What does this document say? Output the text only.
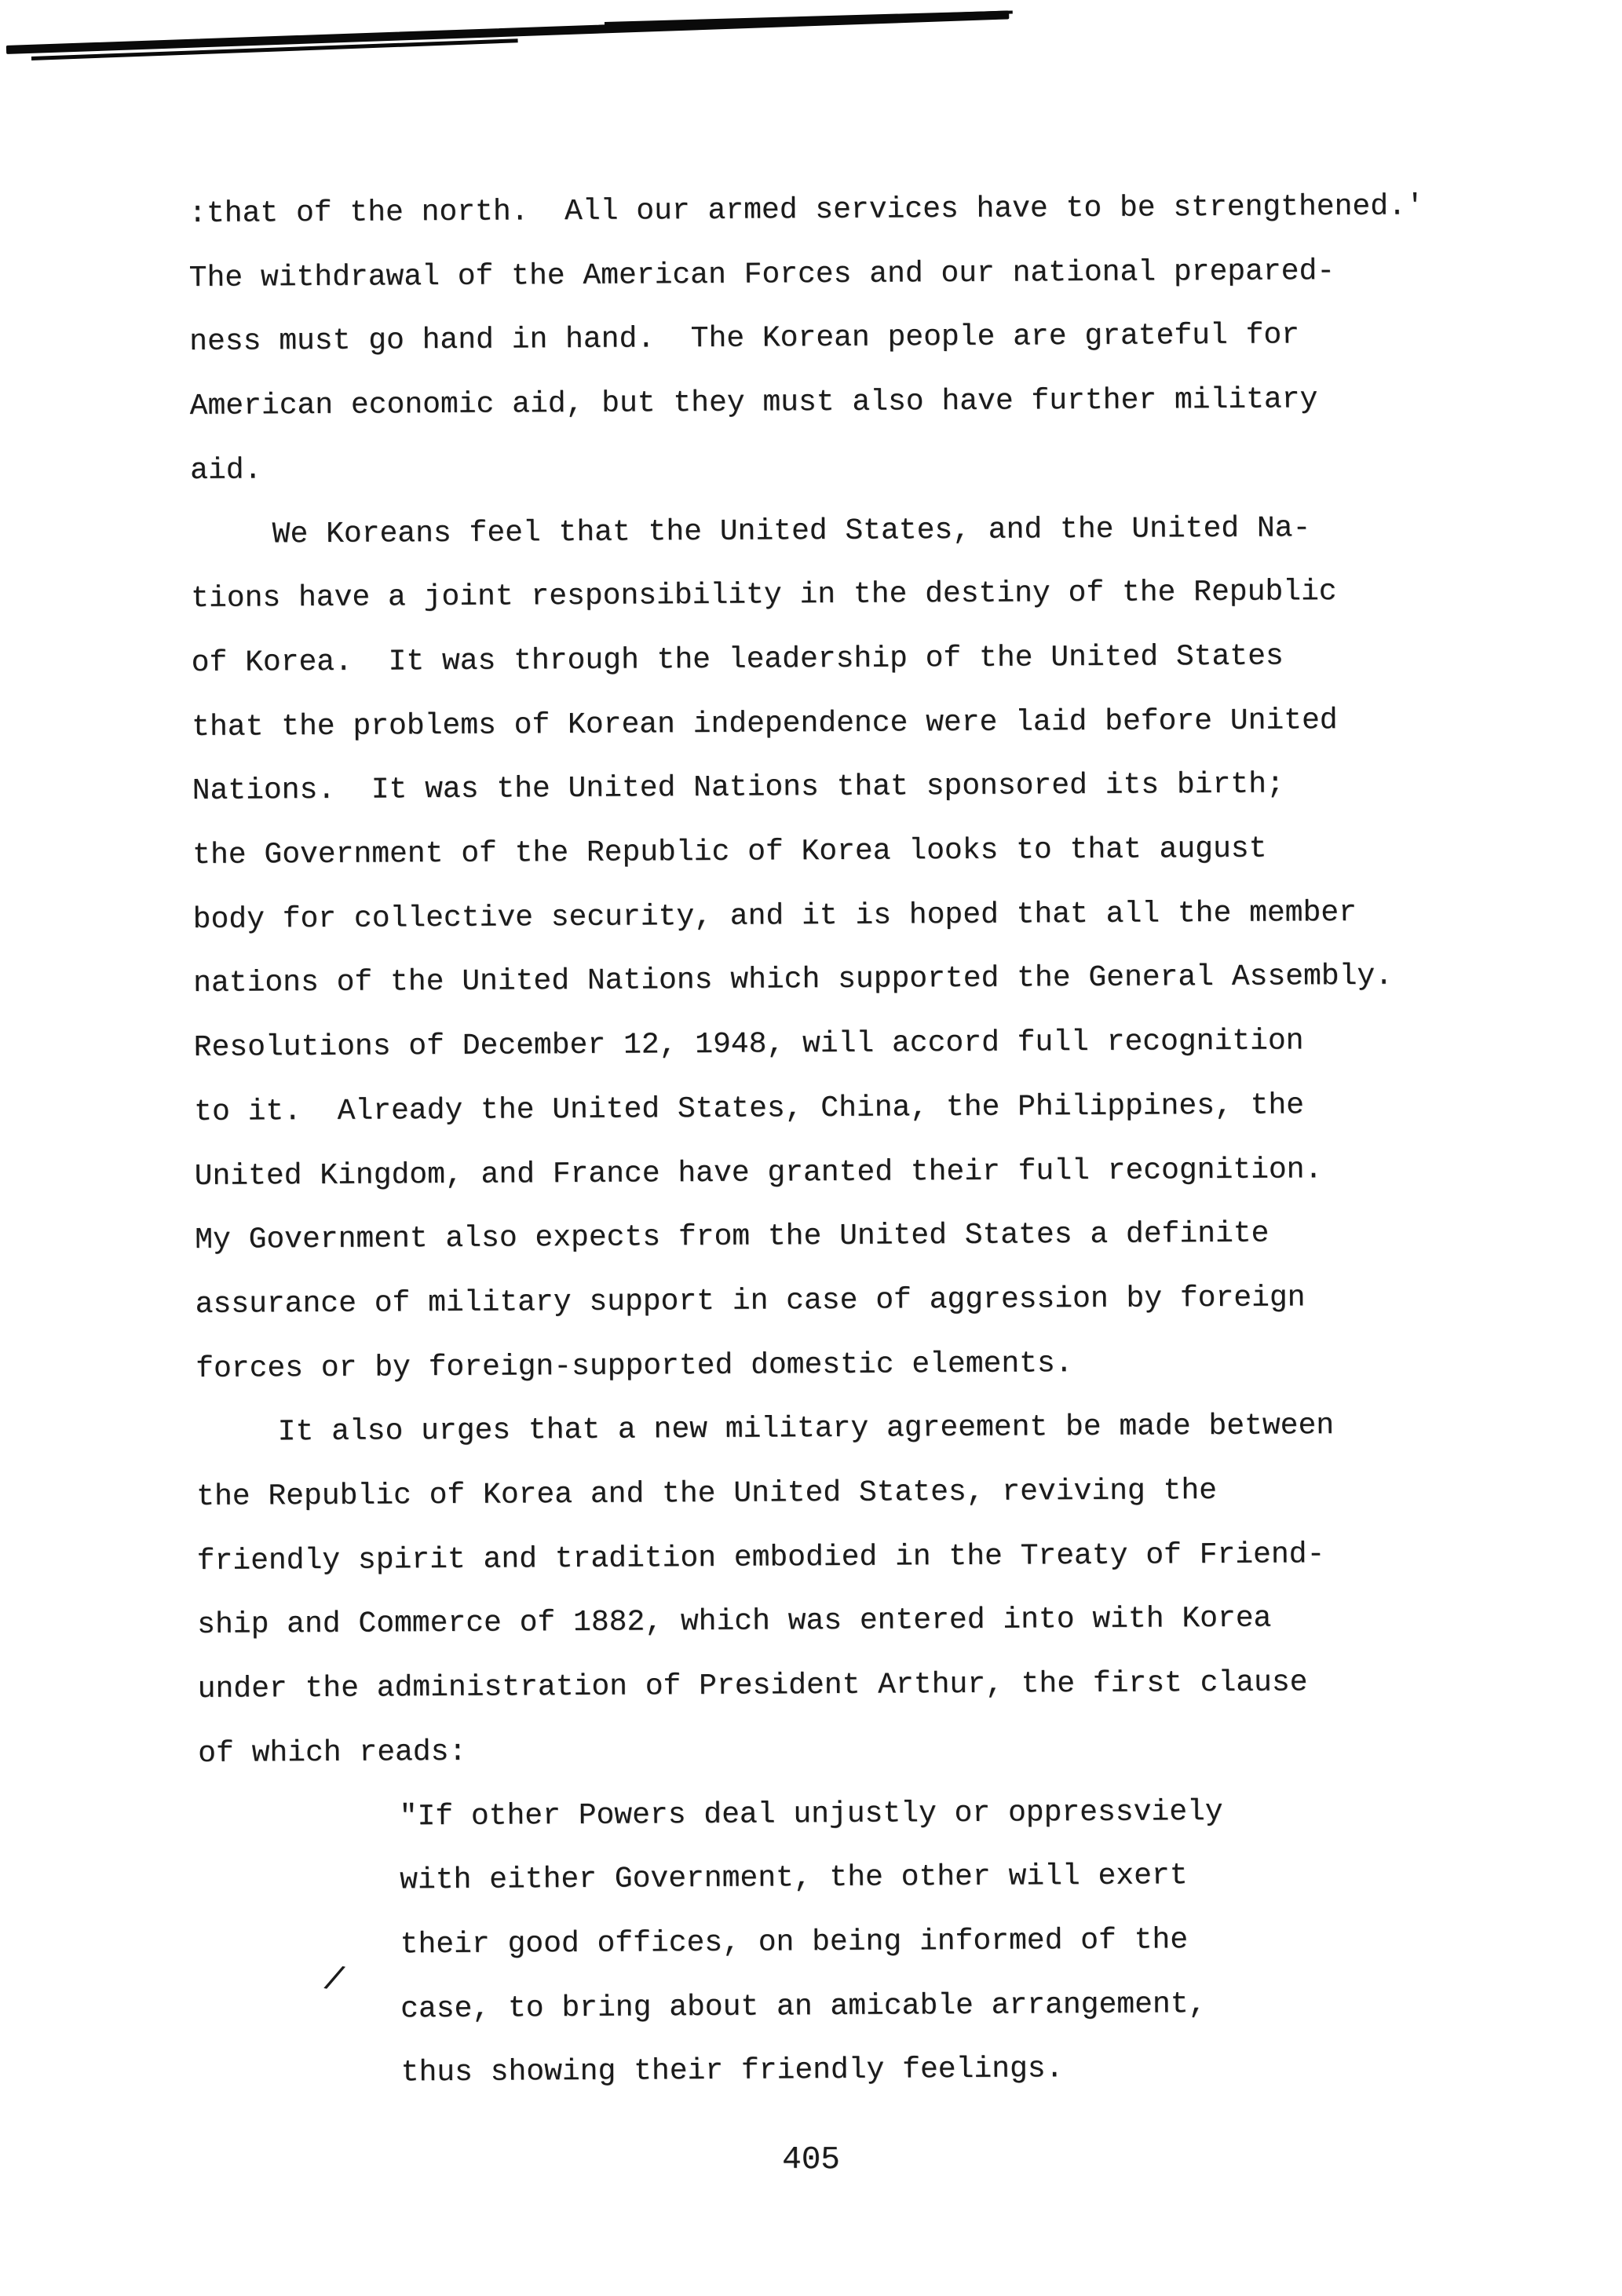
:that of the north.  All our armed services have to be strengthened.'
The withdrawal of the American Forces and our national prepared-
ness must go hand in hand.  The Korean people are grateful for
American economic aid, but they must also have further military
aid.
We Koreans feel that the United States, and the United Na-
tions have a joint responsibility in the destiny of the Republic
of Korea.  It was through the leadership of the United States
that the problems of Korean independence were laid before United
Nations.  It was the United Nations that sponsored its birth;
the Government of the Republic of Korea looks to that august
body for collective security, and it is hoped that all the member
nations of the United Nations which supported the General Assembly.
Resolutions of December 12, 1948, will accord full recognition
to it.  Already the United States, China, the Philippines, the
United Kingdom, and France have granted their full recognition.
My Government also expects from the United States a definite
assurance of military support in case of aggression by foreign
forces or by foreign-supported domestic elements.
It also urges that a new military agreement be made between
the Republic of Korea and the United States, reviving the
friendly spirit and tradition embodied in the Treaty of Friend-
ship and Commerce of 1882, which was entered into with Korea
under the administration of President Arthur, the first clause
of which reads:
"If other Powers deal unjustly or oppressviely
with either Government, the other will exert
their good offices, on being informed of the
case, to bring about an amicable arrangement,
thus showing their friendly feelings.
/
405
